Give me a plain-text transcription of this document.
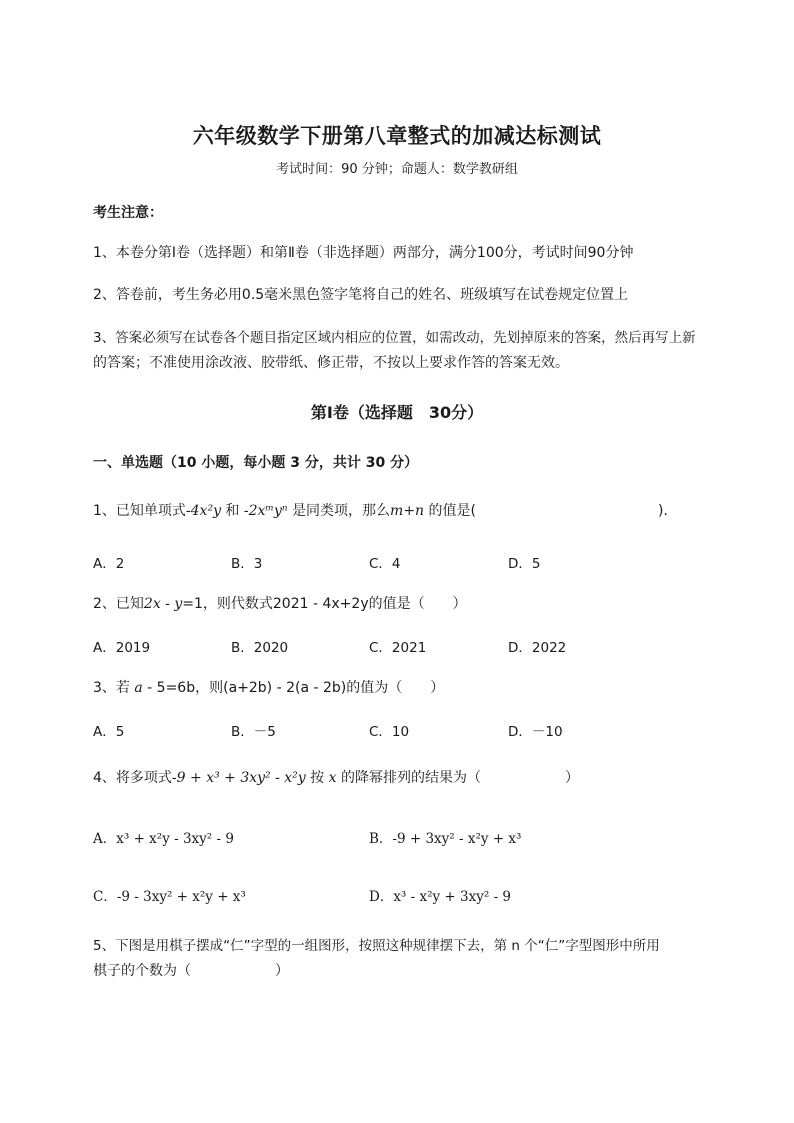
六年级数学下册第八章整式的加减达标测试
考试时间：90 分钟；命题人：数学教研组
考生注意：
1、本卷分第Ⅰ卷（选择题）和第Ⅱ卷（非选择题）两部分，满分100分，考试时间90分钟
2、答卷前，考生务必用0.5毫米黑色签字笔将自己的姓名、班级填写在试卷规定位置上
3、答案必须写在试卷各个题目指定区域内相应的位置，如需改动，先划掉原来的答案，然后再写上新
的答案；不准使用涂改液、胶带纸、修正带，不按以上要求作答的答案无效。
第Ⅰ卷（选择题　30分）
一、单选题（10 小题，每小题 3 分，共计 30 分）
1、已知单项式-4x²y 和 -2xᵐyⁿ 是同类项，那么m+n 的值是(　　　　　　　　　　　　　).
A．2	B．3	C．4	D．5
2、已知2x - y=1，则代数式2021 - 4x+2y的值是（　　）
A．2019	B．2020	C．2021	D．2022
3、若 a - 5=6b，则(a+2b) - 2(a - 2b)的值为（　　）
A．5	B．－5	C．10	D．－10
4、将多项式-9 + x³ + 3xy² - x²y 按 x 的降幂排列的结果为（　　　　　　）
A．x³ + x²y - 3xy² - 9	B．-9 + 3xy² - x²y + x³
C．-9 - 3xy² + x²y + x³	D．x³ - x²y + 3xy² - 9
5、下图是用棋子摆成“仁”字型的一组图形，按照这种规律摆下去，第 n 个“仁”字型图形中所用
棋子的个数为（　　　　　　）
